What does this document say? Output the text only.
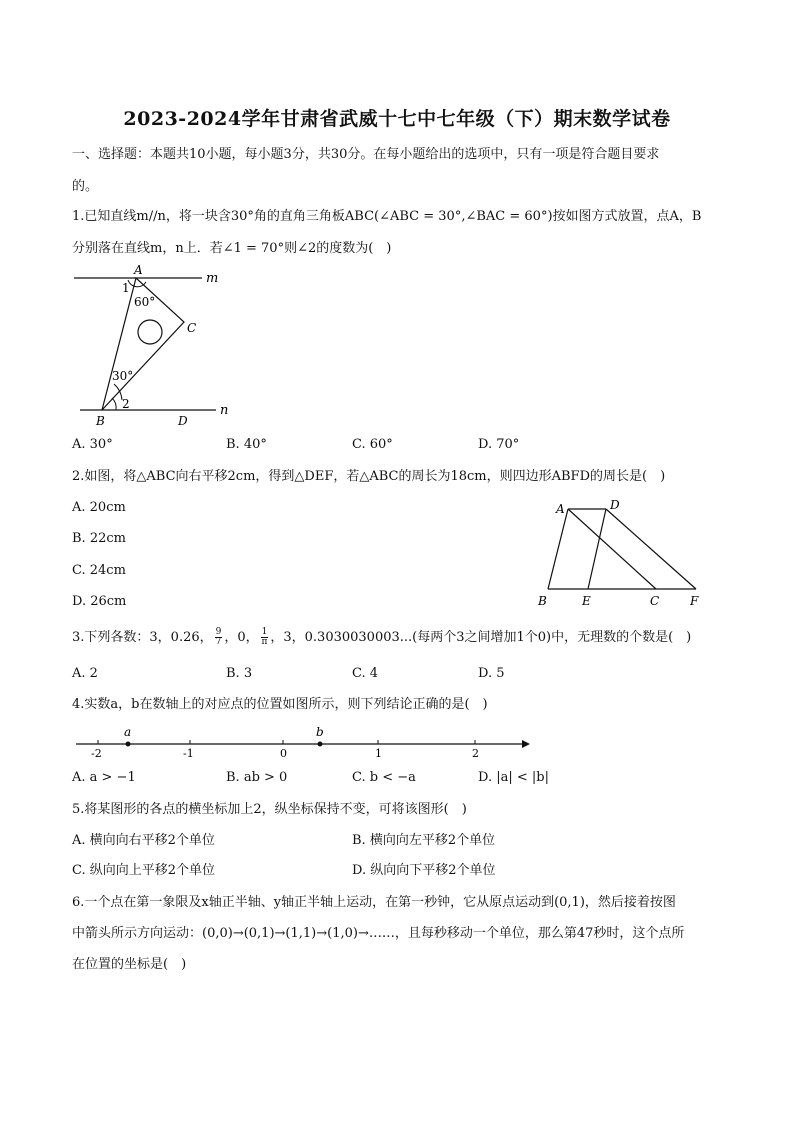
2023-2024学年甘肃省武威十七中七年级（下）期末数学试卷
一、选择题：本题共10小题，每小题3分，共30分。在每小题给出的选项中，只有一项是符合题目要求
的。
1.已知直线m//n，将一块含30°角的直角三角板ABC(∠ABC = 30°,∠BAC = 60°)按如图方式放置，点A，B
分别落在直线m，n上．若∠1 = 70°则∠2的度数为(　)
A
m
1
60°
C
30°
2
B	D
n
A. 30°	B. 40°	C. 60°	D. 70°
2.如图，将△ABC向右平移2cm，得到△DEF，若△ABC的周长为18cm，则四边形ABFD的周长是(　)
A. 20cm
B. 22cm
C. 24cm
D. 26cm
A	D
B	E	C	F
3.下列各数：3，0.26， $\frac{9}{7}$ ，0， $\frac{1}{\pi}$ ，3，0.3030030003...(每两个3之间增加1个0)中，无理数的个数是(　)
A. 2	B. 3	C. 4	D. 5
4.实数a，b在数轴上的对应点的位置如图所示，则下列结论正确的是(　)
a	b
-2	-1	0	1	2
A. a > −1	B. ab > 0	C. b < −a	D. |a| < |b|
5.将某图形的各点的横坐标加上2，纵坐标保持不变，可将该图形(　)
A. 横向向右平移2个单位	B. 横向向左平移2个单位
C. 纵向向上平移2个单位	D. 纵向向下平移2个单位
6.一个点在第一象限及x轴正半轴、y轴正半轴上运动，在第一秒钟，它从原点运动到(0,1)，然后接着按图
中箭头所示方向运动：(0,0)→(0,1)→(1,1)→(1,0)→……，且每秒移动一个单位，那么第47秒时，这个点所
在位置的坐标是(　)
